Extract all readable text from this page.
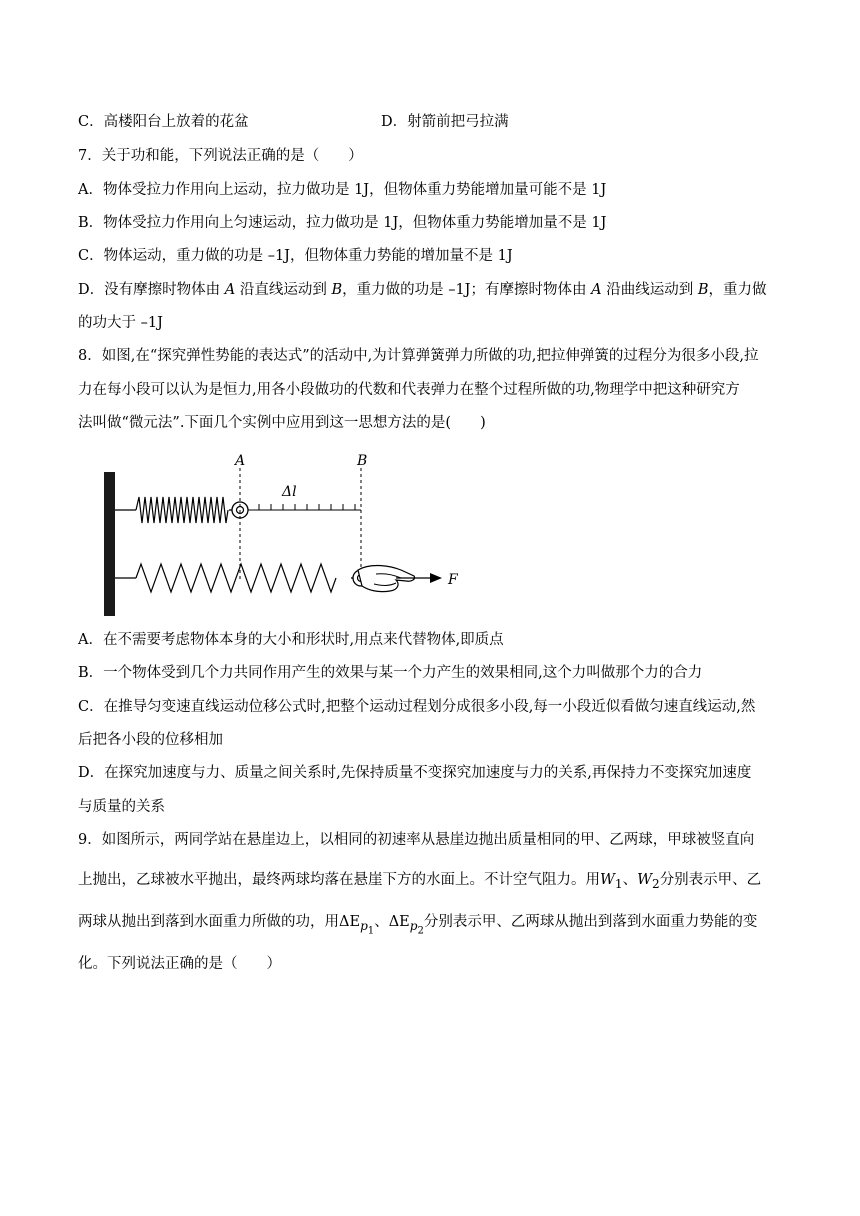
C．高楼阳台上放着的花盆	D．射箭前把弓拉满
7．关于功和能，下列说法正确的是（　　）
A．物体受拉力作用向上运动，拉力做功是 1J，但物体重力势能增加量可能不是 1J
B．物体受拉力作用向上匀速运动，拉力做功是 1J，但物体重力势能增加量不是 1J
C．物体运动，重力做的功是 –1J，但物体重力势能的增加量不是 1J
D．没有摩擦时物体由 A 沿直线运动到 B，重力做的功是 –1J；有摩擦时物体由 A 沿曲线运动到 B，重力做
的功大于 –1J
8．如图,在“探究弹性势能的表达式”的活动中,为计算弹簧弹力所做的功,把拉伸弹簧的过程分为很多小段,拉
力在每小段可以认为是恒力,用各小段做功的代数和代表弹力在整个过程所做的功,物理学中把这种研究方
法叫做“微元法”.下面几个实例中应用到这一思想方法的是(　　)
A	B
Δl
F
A．在不需要考虑物体本身的大小和形状时,用点来代替物体,即质点
B．一个物体受到几个力共同作用产生的效果与某一个力产生的效果相同,这个力叫做那个力的合力
C．在推导匀变速直线运动位移公式时,把整个运动过程划分成很多小段,每一小段近似看做匀速直线运动,然
后把各小段的位移相加
D．在探究加速度与力、质量之间关系时,先保持质量不变探究加速度与力的关系,再保持力不变探究加速度
与质量的关系
9．如图所示，两同学站在悬崖边上，以相同的初速率从悬崖边抛出质量相同的甲、乙两球，甲球被竖直向
上抛出，乙球被水平抛出，最终两球均落在悬崖下方的水面上。不计空气阻力。用$W_1$、$W_2$分别表示甲、乙
两球从抛出到落到水面重力所做的功，用$\Delta E_{p_1}$、$\Delta E_{p_2}$分别表示甲、乙两球从抛出到落到水面重力势能的变
化。下列说法正确的是（　　）
